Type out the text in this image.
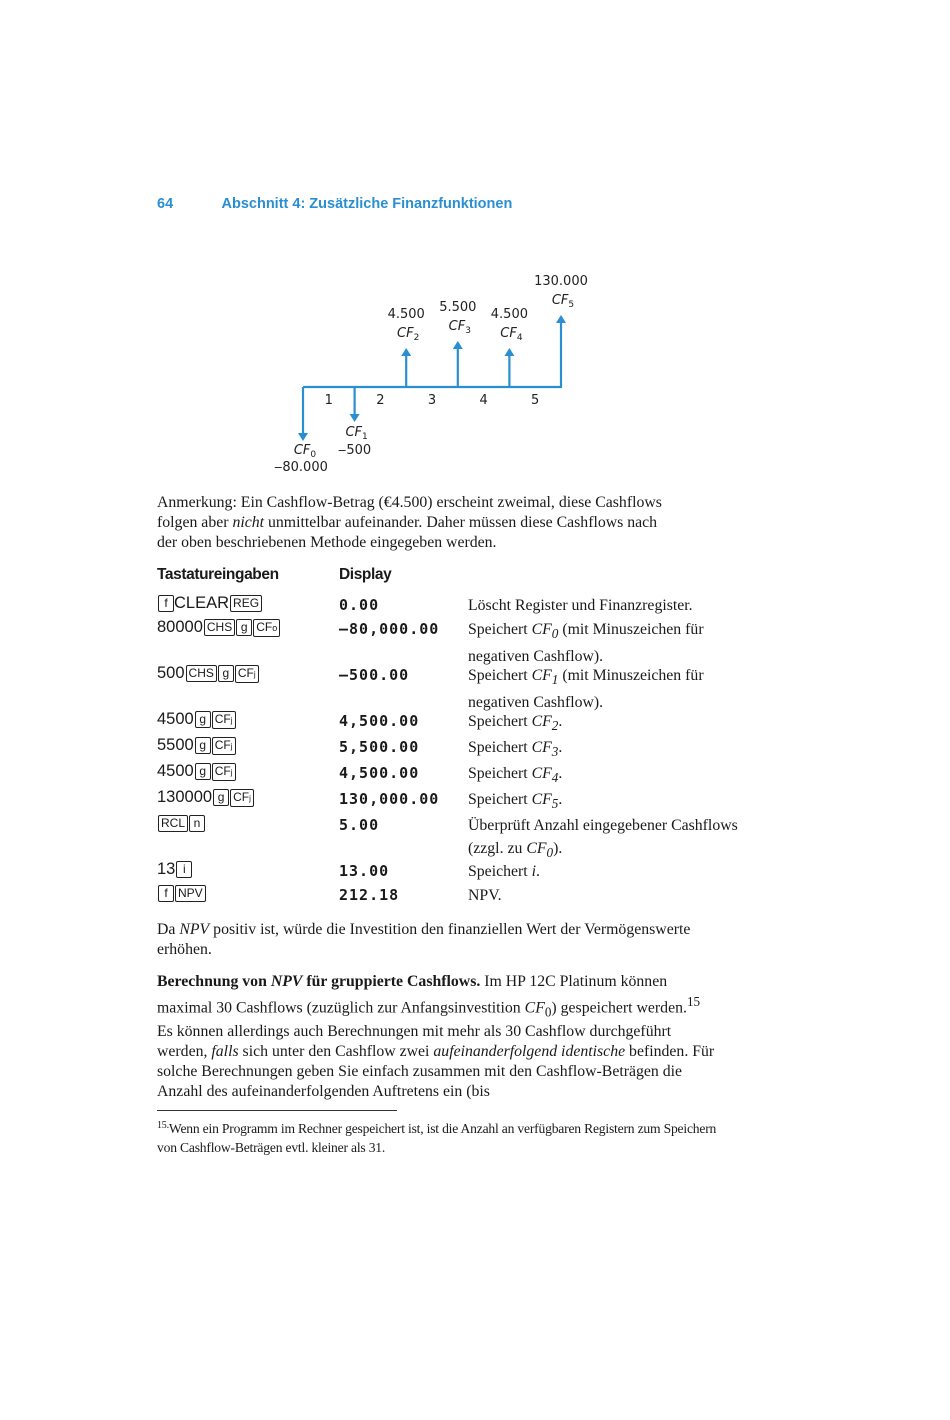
64	Abschnitt 4: Zusätzliche Finanzfunktionen
1	2	3	4	5
$CF_0$
‒80.000
$CF_1$
‒500
$CF_2$
4.500
$CF_3$
5.500
$CF_4$
4.500
$CF_5$
130.000

Anmerkung: Ein Cashflow-Betrag (€4.500) erscheint zweimal, diese Cashflows

folgen aber nicht unmittelbar aufeinander. Daher müssen diese Cashflows nach

der oben beschriebenen Methode eingegeben werden.

Tastatureingaben	Display
f CLEAR REG	0.00	Löscht Register und Finanzregister.
80000 CHS g CFo	‒80,000.00 Speichert $CF_0$ (mit Minuszeichen für negativen Cashflow).
500 CHS g CFj	‒500.00	Speichert $CF_1$ (mit Minuszeichen für negativen Cashflow).
4500 g CFj	4,500.00	Speichert $CF_2$.
5500 g CFj	5,500.00	Speichert $CF_3$.
4500 g CFj	4,500.00	Speichert $CF_4$.
130000 g CFj	130,000.00 Speichert $CF_5$.
RCL n	5.00	Überprüft Anzahl eingegebener Cashflows (zzgl. zu $CF_0$).
13 i	13.00	Speichert i.
f NPV	212.18	NPV.

Da NPV positiv ist, würde die Investition den finanziellen Wert der Vermögenswerte erhöhen.

Berechnung von NPV für gruppierte Cashflows. Im HP 12C Platinum können maximal 30 Cashflows (zuzüglich zur Anfangsinvestition $CF_0$) gespeichert werden.$^{15}$ Es können allerdings auch Berechnungen mit mehr als 30 Cashflow durchgeführt werden, falls sich unter den Cashflow zwei aufeinanderfolgend identische befinden. Für solche Berechnungen geben Sie einfach zusammen mit den Cashflow-Beträgen die Anzahl des aufeinanderfolgenden Auftretens ein (bis

$^{15.}$Wenn ein Programm im Rechner gespeichert ist, ist die Anzahl an verfügbaren Registern zum Speichern von Cashflow-Beträgen evtl. kleiner als 31.
